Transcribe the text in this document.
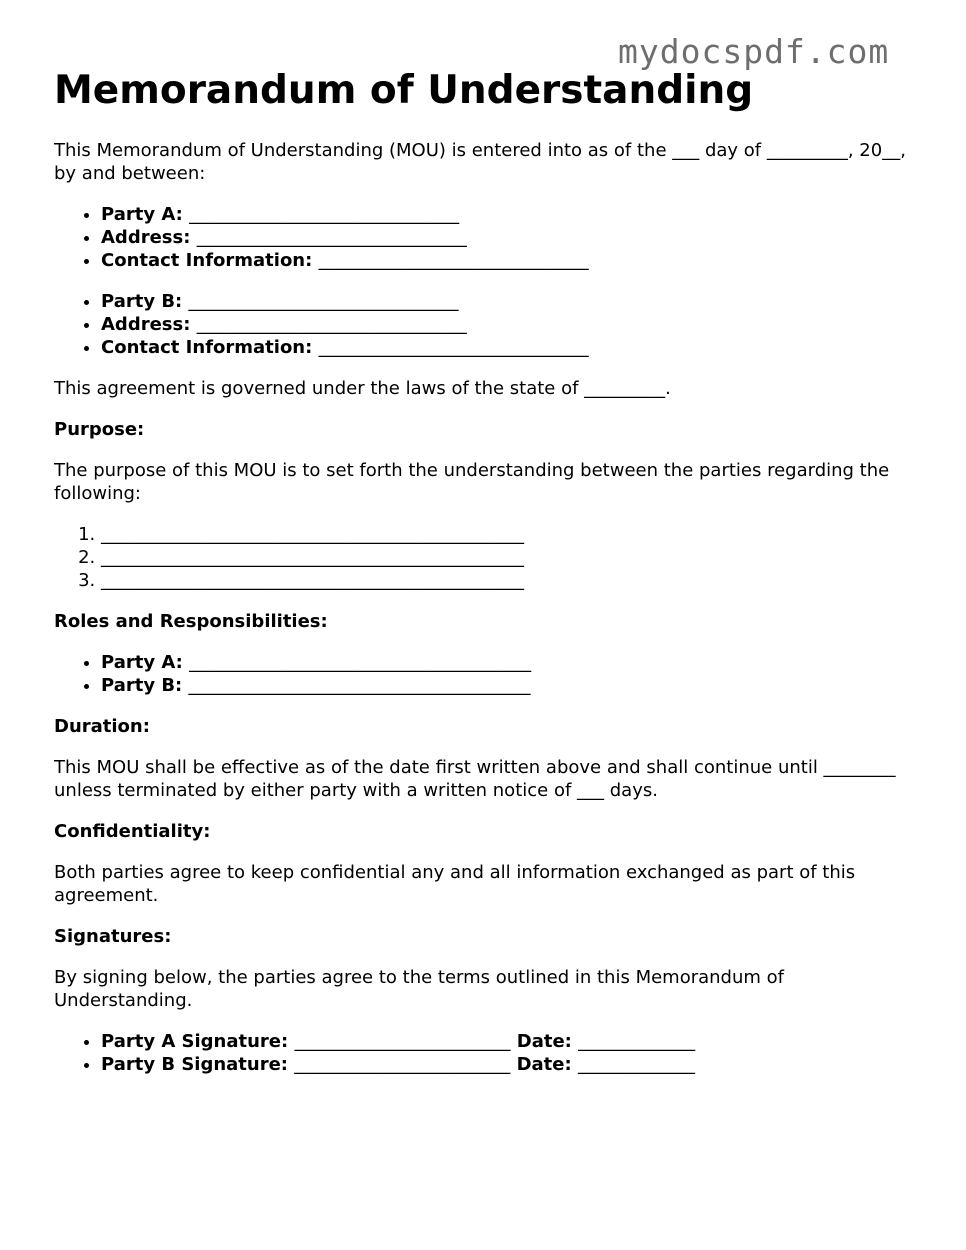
mydocspdf.com
Memorandum of Understanding

This Memorandum of Understanding (MOU) is entered into as of the ___ day of _________, 20__, by and between:

• Party A: ______________________________
• Address: ______________________________
• Contact Information: ______________________________
• Party B: ______________________________
• Address: ______________________________
• Contact Information: ______________________________

This agreement is governed under the laws of the state of _________.

Purpose:

The purpose of this MOU is to set forth the understanding between the parties regarding the following:

1. _______________________________________________
2. _______________________________________________
3. _______________________________________________
Roles and Responsibilities:
• Party A: ______________________________________
• Party B: ______________________________________
Duration:

This MOU shall be effective as of the date first written above and shall continue until ________ unless terminated by either party with a written notice of ___ days.

Confidentiality:

Both parties agree to keep confidential any and all information exchanged as part of this agreement.

Signatures:

By signing below, the parties agree to the terms outlined in this Memorandum of Understanding.

• Party A Signature: ________________________ Date: _____________
• Party B Signature: ________________________ Date: _____________
